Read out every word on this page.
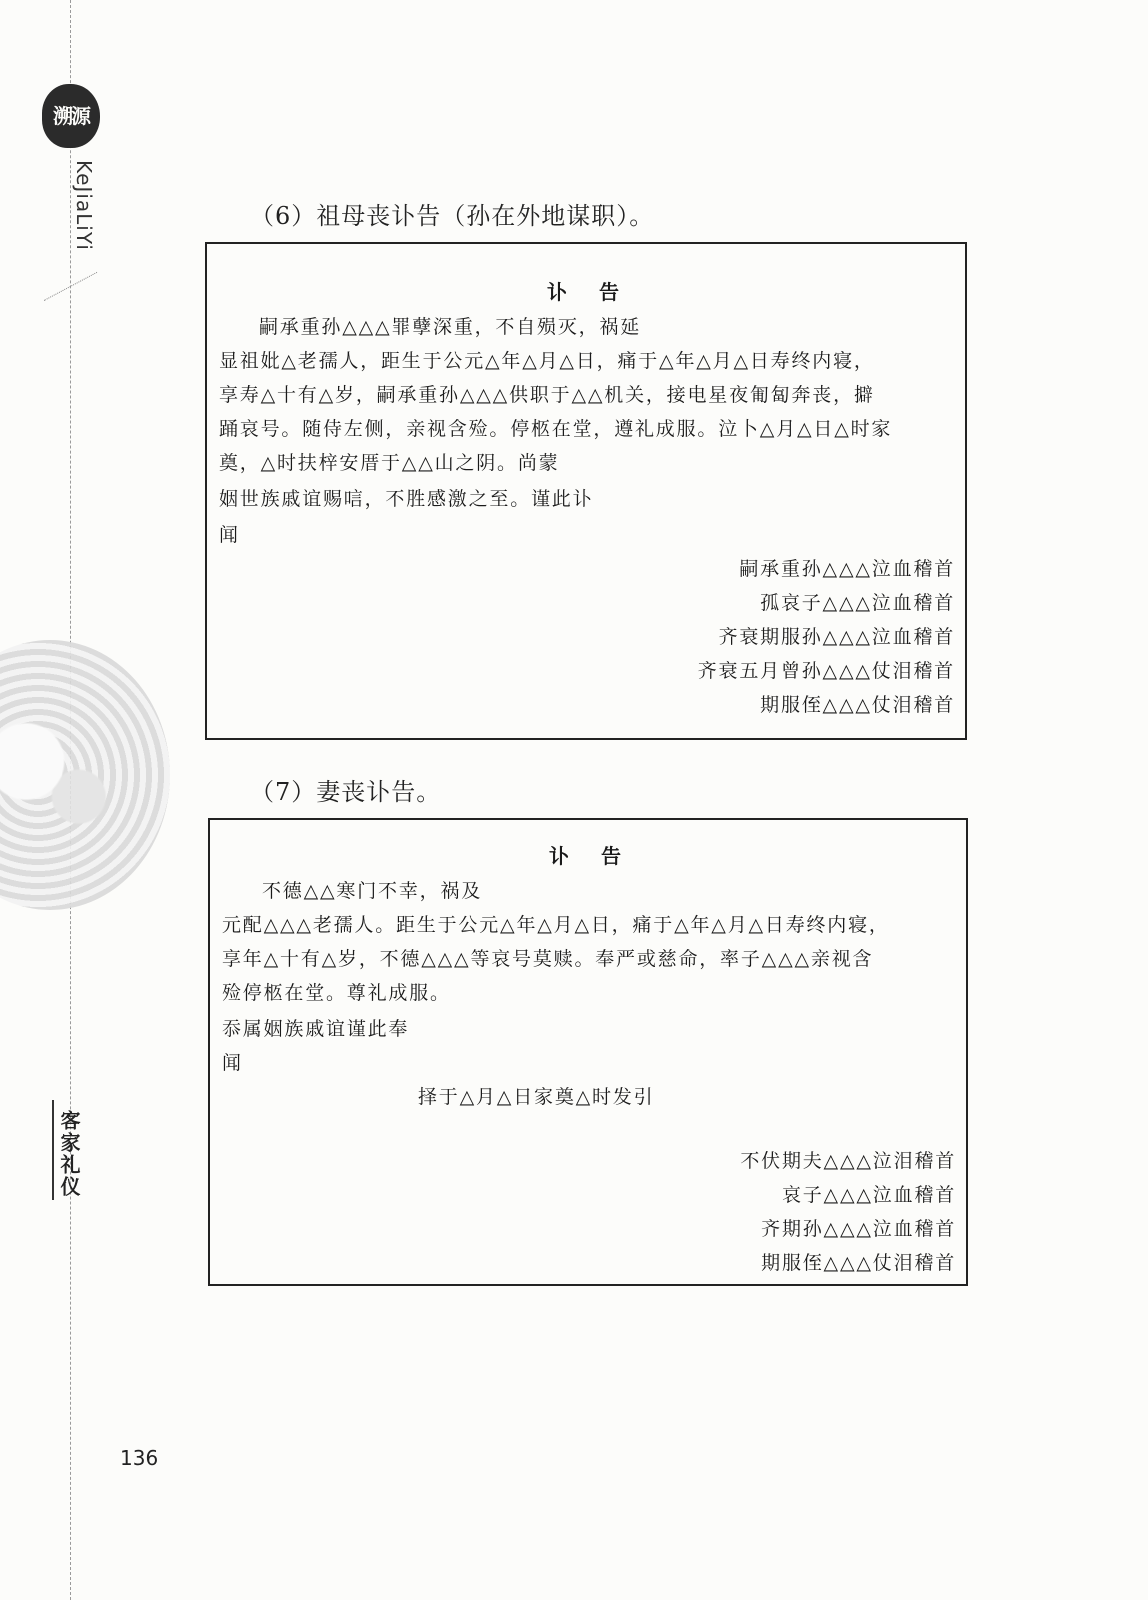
溯源
KeJiaLiYi
客家礼仪
（6）祖母丧讣告（孙在外地谋职）。
讣　告
嗣承重孙△△△罪孽深重，不自殒灭，祸延
显祖妣△老孺人，距生于公元△年△月△日，痛于△年△月△日寿终内寝，
享寿△十有△岁，嗣承重孙△△△供职于△△机关，接电星夜匍匐奔丧，擗
踊哀号。随侍左侧，亲视含殓。停柩在堂，遵礼成服。泣卜△月△日△时家
奠，△时扶梓安厝于△△山之阴。尚蒙
姻世族戚谊赐唁，不胜感激之至。谨此讣
闻
嗣承重孙△△△泣血稽首
孤哀子△△△泣血稽首
齐衰期服孙△△△泣血稽首
齐衰五月曾孙△△△仗泪稽首
期服侄△△△仗泪稽首
（7）妻丧讣告。
讣　告
不德△△寒门不幸，祸及
元配△△△老孺人。距生于公元△年△月△日，痛于△年△月△日寿终内寝，
享年△十有△岁，不德△△△等哀号莫赎。奉严或慈命，率子△△△亲视含
殓停柩在堂。尊礼成服。
忝属姻族戚谊谨此奉
闻
择于△月△日家奠△时发引
不伏期夫△△△泣泪稽首
哀子△△△泣血稽首
齐期孙△△△泣血稽首
期服侄△△△仗泪稽首
136
